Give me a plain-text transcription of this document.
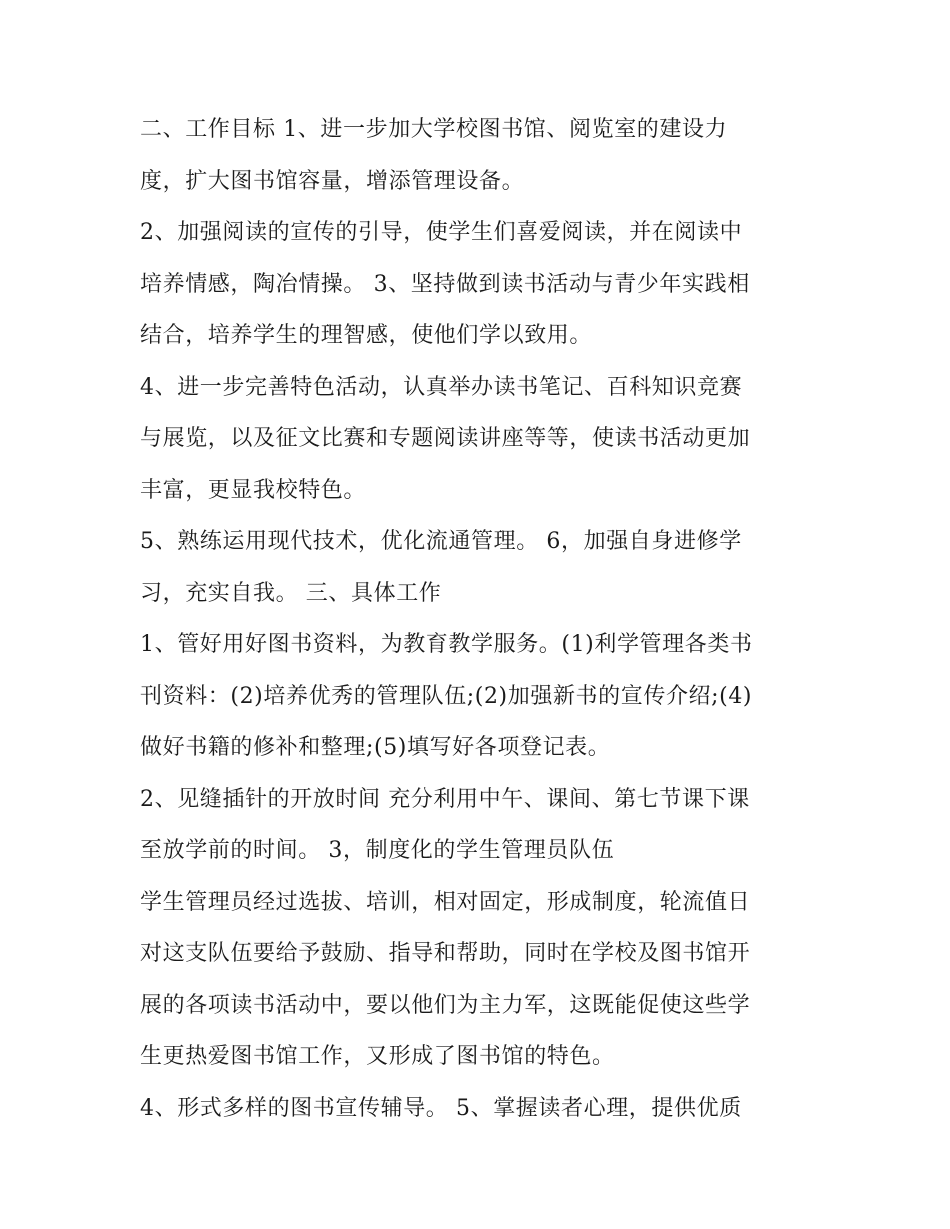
二、工作目标 1、进一步加大学校图书馆、阅览室的建设力
度，扩大图书馆容量，增添管理设备。
2、加强阅读的宣传的引导，使学生们喜爱阅读，并在阅读中
培养情感，陶冶情操。 3、坚持做到读书活动与青少年实践相
结合，培养学生的理智感，使他们学以致用。
4、进一步完善特色活动，认真举办读书笔记、百科知识竞赛
与展览，以及征文比赛和专题阅读讲座等等，使读书活动更加
丰富，更显我校特色。
5、熟练运用现代技术，优化流通管理。 6，加强自身进修学
习，充实自我。 三、具体工作
1、管好用好图书资料，为教育教学服务。(1)利学管理各类书
刊资料：(2)培养优秀的管理队伍;(2)加强新书的宣传介绍;(4)
做好书籍的修补和整理;(5)填写好各项登记表。
2、见缝插针的开放时间 充分利用中午、课间、第七节课下课
至放学前的时间。 3，制度化的学生管理员队伍
学生管理员经过选拔、培训，相对固定，形成制度，轮流值日
对这支队伍要给予鼓励、指导和帮助，同时在学校及图书馆开
展的各项读书活动中，要以他们为主力军，这既能促使这些学
生更热爱图书馆工作，又形成了图书馆的特色。
4、形式多样的图书宣传辅导。 5、掌握读者心理，提供优质
